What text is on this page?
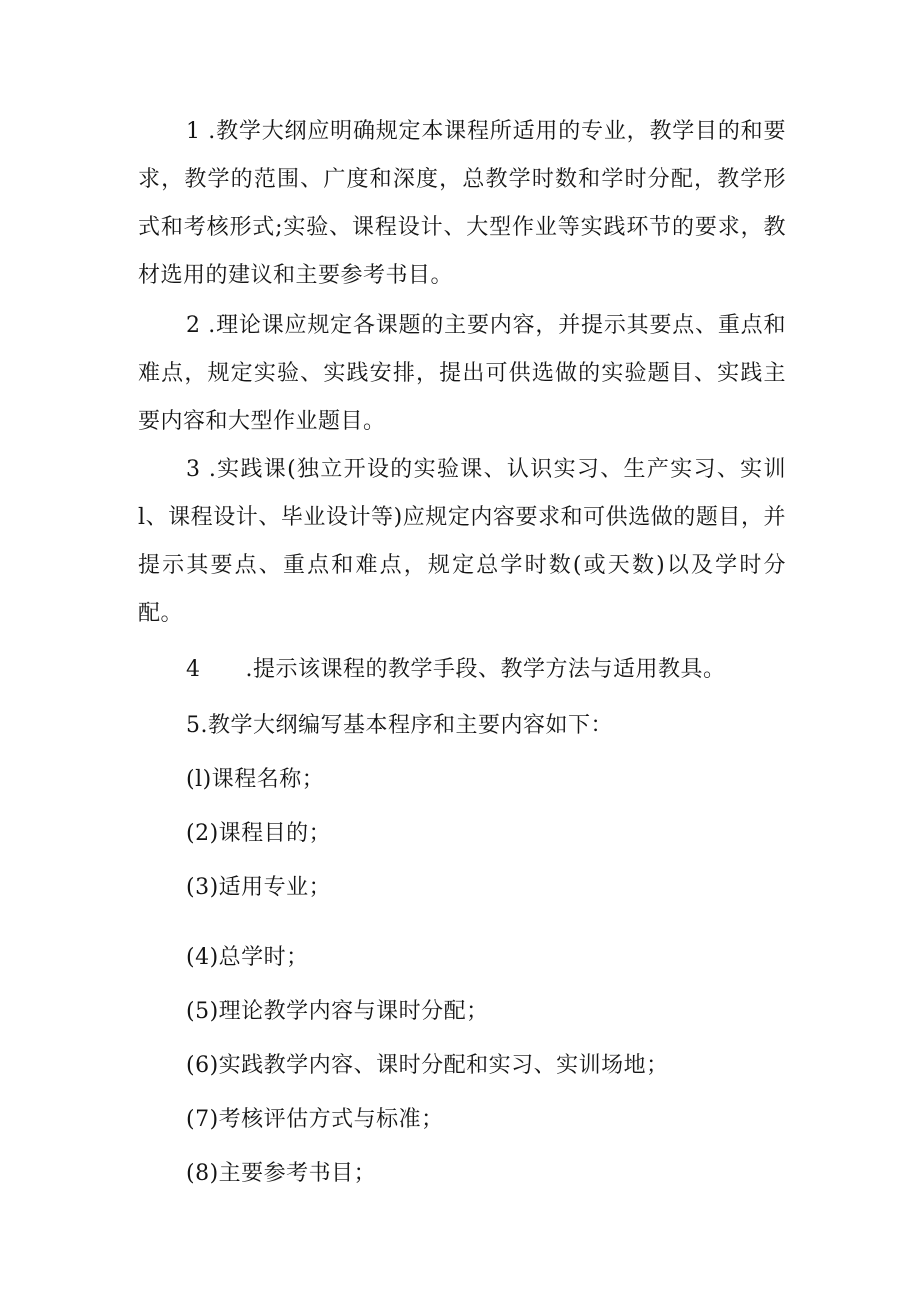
1 .教学大纲应明确规定本课程所适用的专业，教学目的和要求，教学的范围、广度和深度，总教学时数和学时分配，教学形式和考核形式;实验、课程设计、大型作业等实践环节的要求，教材选用的建议和主要参考书目。

2 .理论课应规定各课题的主要内容，并提示其要点、重点和难点，规定实验、实践安排，提出可供选做的实验题目、实践主要内容和大型作业题目。

3 .实践课(独立开设的实验课、认识实习、生产实习、实训l、课程设计、毕业设计等)应规定内容要求和可供选做的题目，并提示其要点、重点和难点，规定总学时数(或天数)以及学时分配。

4　　.提示该课程的教学手段、教学方法与适用教具。

5.教学大纲编写基本程序和主要内容如下：

(l)课程名称；

(2)课程目的；

(3)适用专业；

(4)总学时；

(5)理论教学内容与课时分配；

(6)实践教学内容、课时分配和实习、实训场地；

(7)考核评估方式与标准；

(8)主要参考书目；
